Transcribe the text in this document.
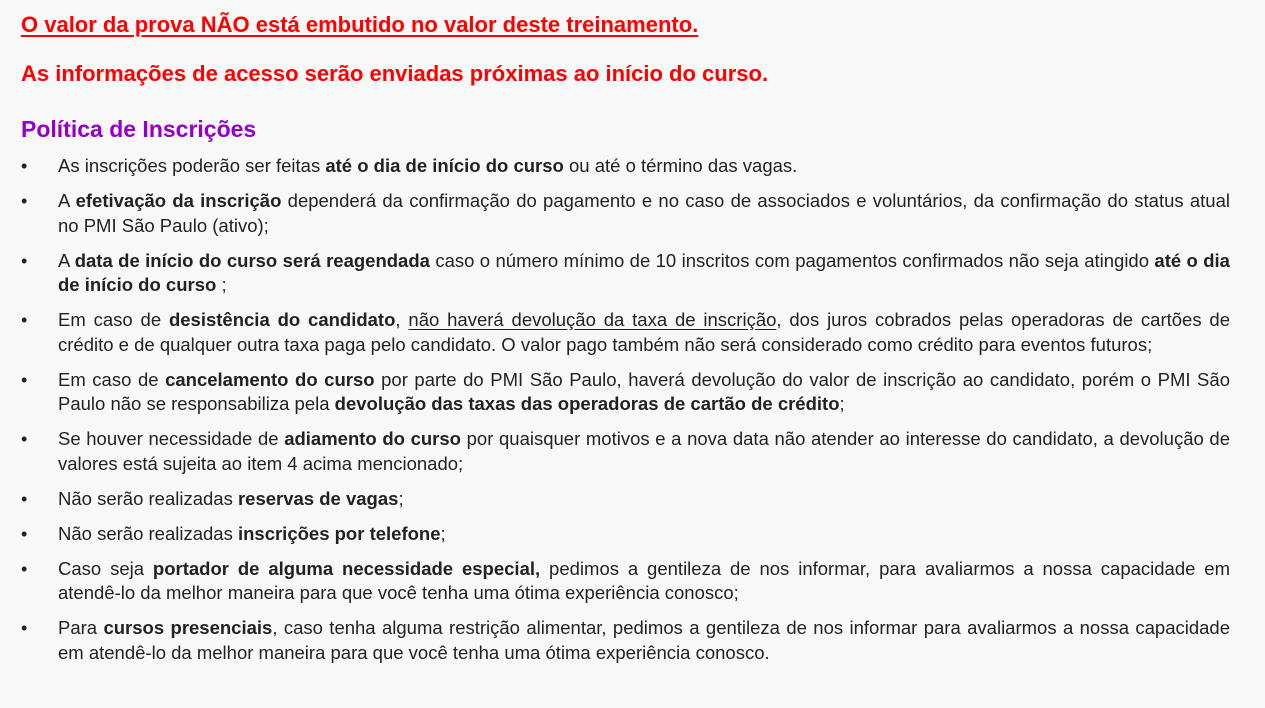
O valor da prova NÃO está embutido no valor deste treinamento.

As informações de acesso serão enviadas próximas ao início do curso.

Política de Inscrições
• As inscrições poderão ser feitas até o dia de início do curso ou até o término das vagas.
• A efetivação da inscrição dependerá da confirmação do pagamento e no caso de associados e voluntários, da confirmação do status atual no PMI São Paulo (ativo);
• A data de início do curso será reagendada caso o número mínimo de 10 inscritos com pagamentos confirmados não seja atingido até o dia de início do curso ;
• Em caso de desistência do candidato, não haverá devolução da taxa de inscrição, dos juros cobrados pelas operadoras de cartões de crédito e de qualquer outra taxa paga pelo candidato. O valor pago também não será considerado como crédito para eventos futuros;
• Em caso de cancelamento do curso por parte do PMI São Paulo, haverá devolução do valor de inscrição ao candidato, porém o PMI São Paulo não se responsabiliza pela devolução das taxas das operadoras de cartão de crédito;
• Se houver necessidade de adiamento do curso por quaisquer motivos e a nova data não atender ao interesse do candidato, a devolução de valores está sujeita ao item 4 acima mencionado;
• Não serão realizadas reservas de vagas;
• Não serão realizadas inscrições por telefone;
• Caso seja portador de alguma necessidade especial, pedimos a gentileza de nos informar, para avaliarmos a nossa capacidade em atendê-lo da melhor maneira para que você tenha uma ótima experiência conosco;
• Para cursos presenciais, caso tenha alguma restrição alimentar, pedimos a gentileza de nos informar para avaliarmos a nossa capacidade em atendê-lo da melhor maneira para que você tenha uma ótima experiência conosco.
